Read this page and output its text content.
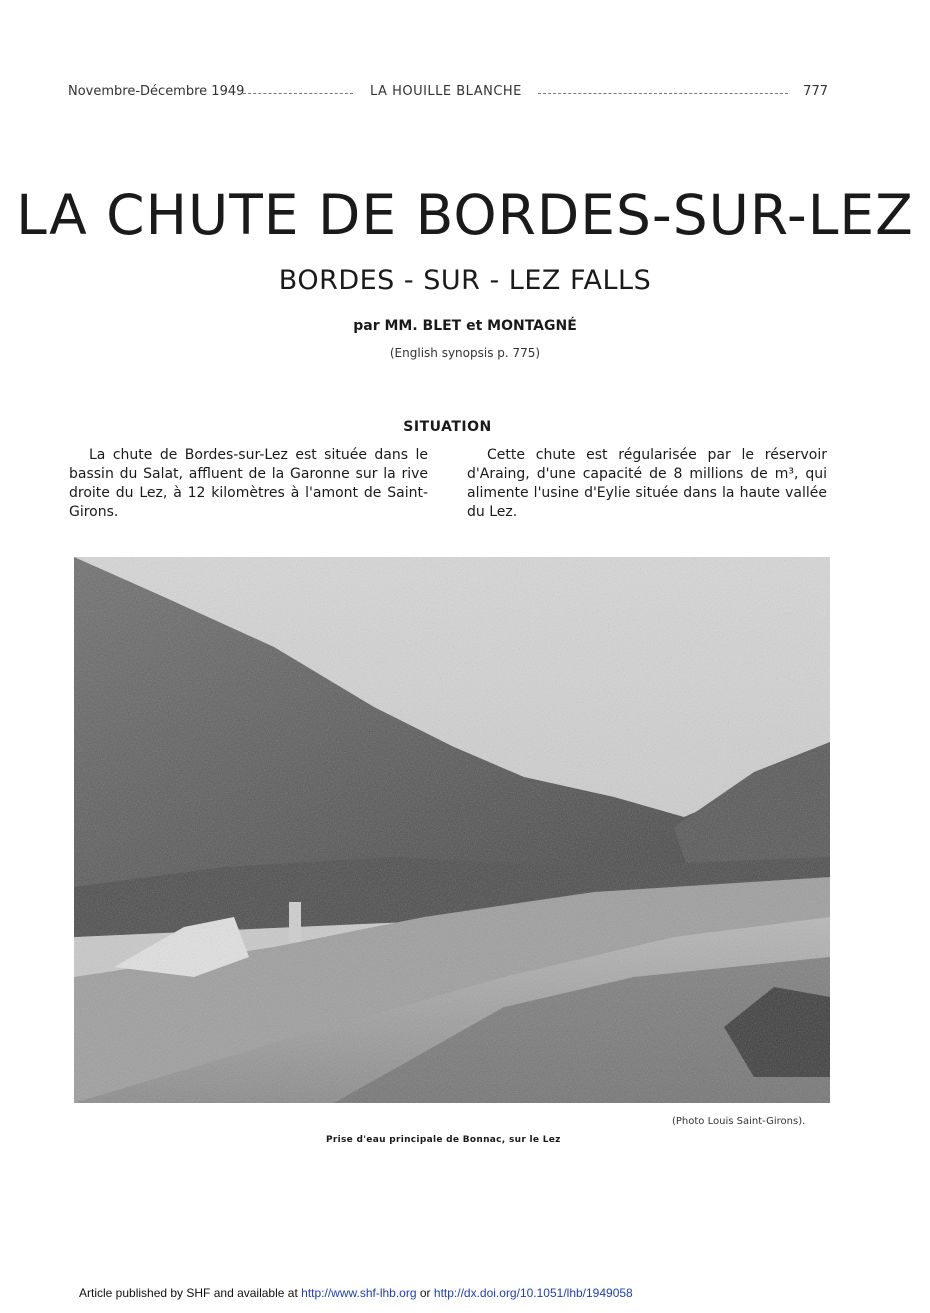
Novembre-Décembre 1949	LA HOUILLE BLANCHE	777
LA CHUTE DE BORDES-SUR-LEZ
BORDES - SUR - LEZ FALLS
par MM. BLET et MONTAGNÉ
(English synopsis p. 775)
SITUATION
La chute de Bordes-sur-Lez est située dans le bassin du Salat, affluent de la Garonne sur la rive droite du Lez, à 12 kilomètres à l'amont de Saint-Girons.
Cette chute est régularisée par le réservoir d'Araing, d'une capacité de 8 millions de m³, qui alimente l'usine d'Eylie située dans la haute vallée du Lez.
(Photo Louis Saint-Girons).
Prise d'eau principale de Bonnac, sur le Lez
Article published by SHF and available at http://www.shf-lhb.org or http://dx.doi.org/10.1051/lhb/1949058
